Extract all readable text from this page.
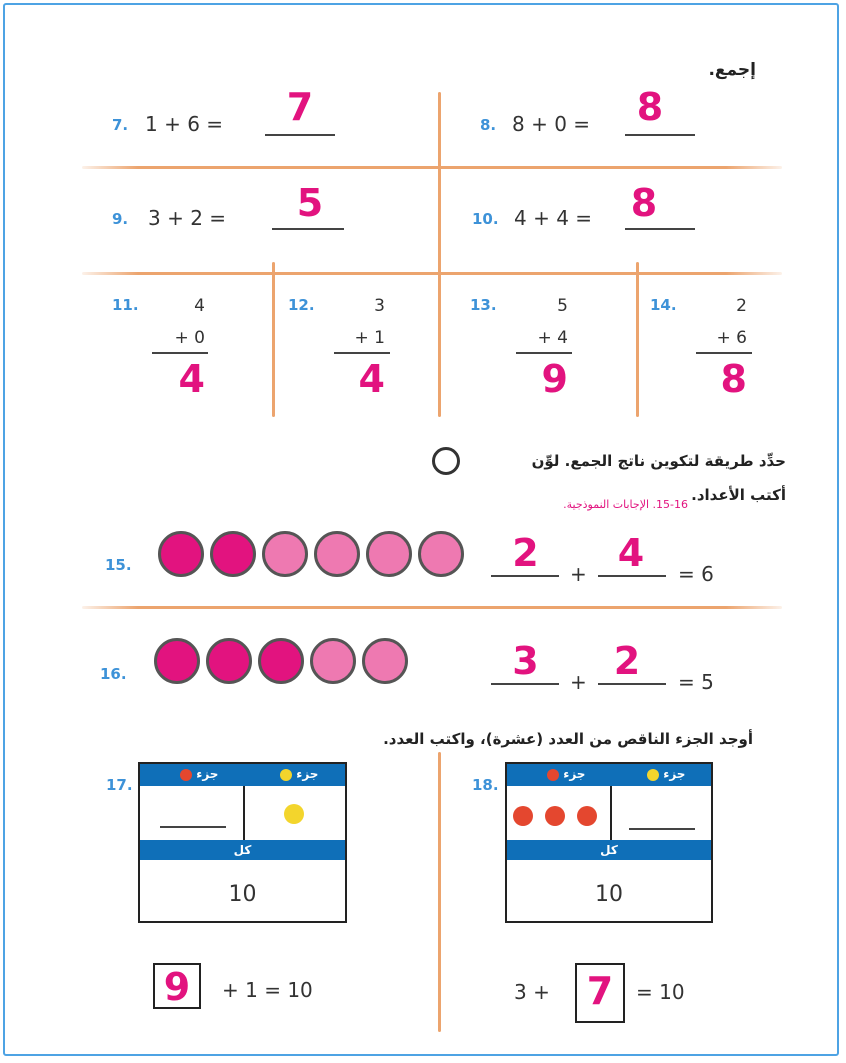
إجمع.
7. 1 + 6 =	7	8. 8 + 0 =	8
9. 3 + 2 =	5	10. 4 + 4 =	8
11.	4
+ 0
4
12.	3
+ 1
4
13.	5
+ 4
9
14.	2
+ 6
8
حدِّد طريقة لتكوين ناتج الجمع. لوِّن
أكتب الأعداد.
15-16. الإجابات النموذجية.
15.	2	+ 4	= 6
16.	3	+ 2	= 5
أوجد الجزء الناقص من العدد (عشرة)، واكتب العدد.
17.
جزء	جزء
كل
10
9	+ 1 = 10
18.
جزء	جزء
كل
10
3 + 7	= 10
